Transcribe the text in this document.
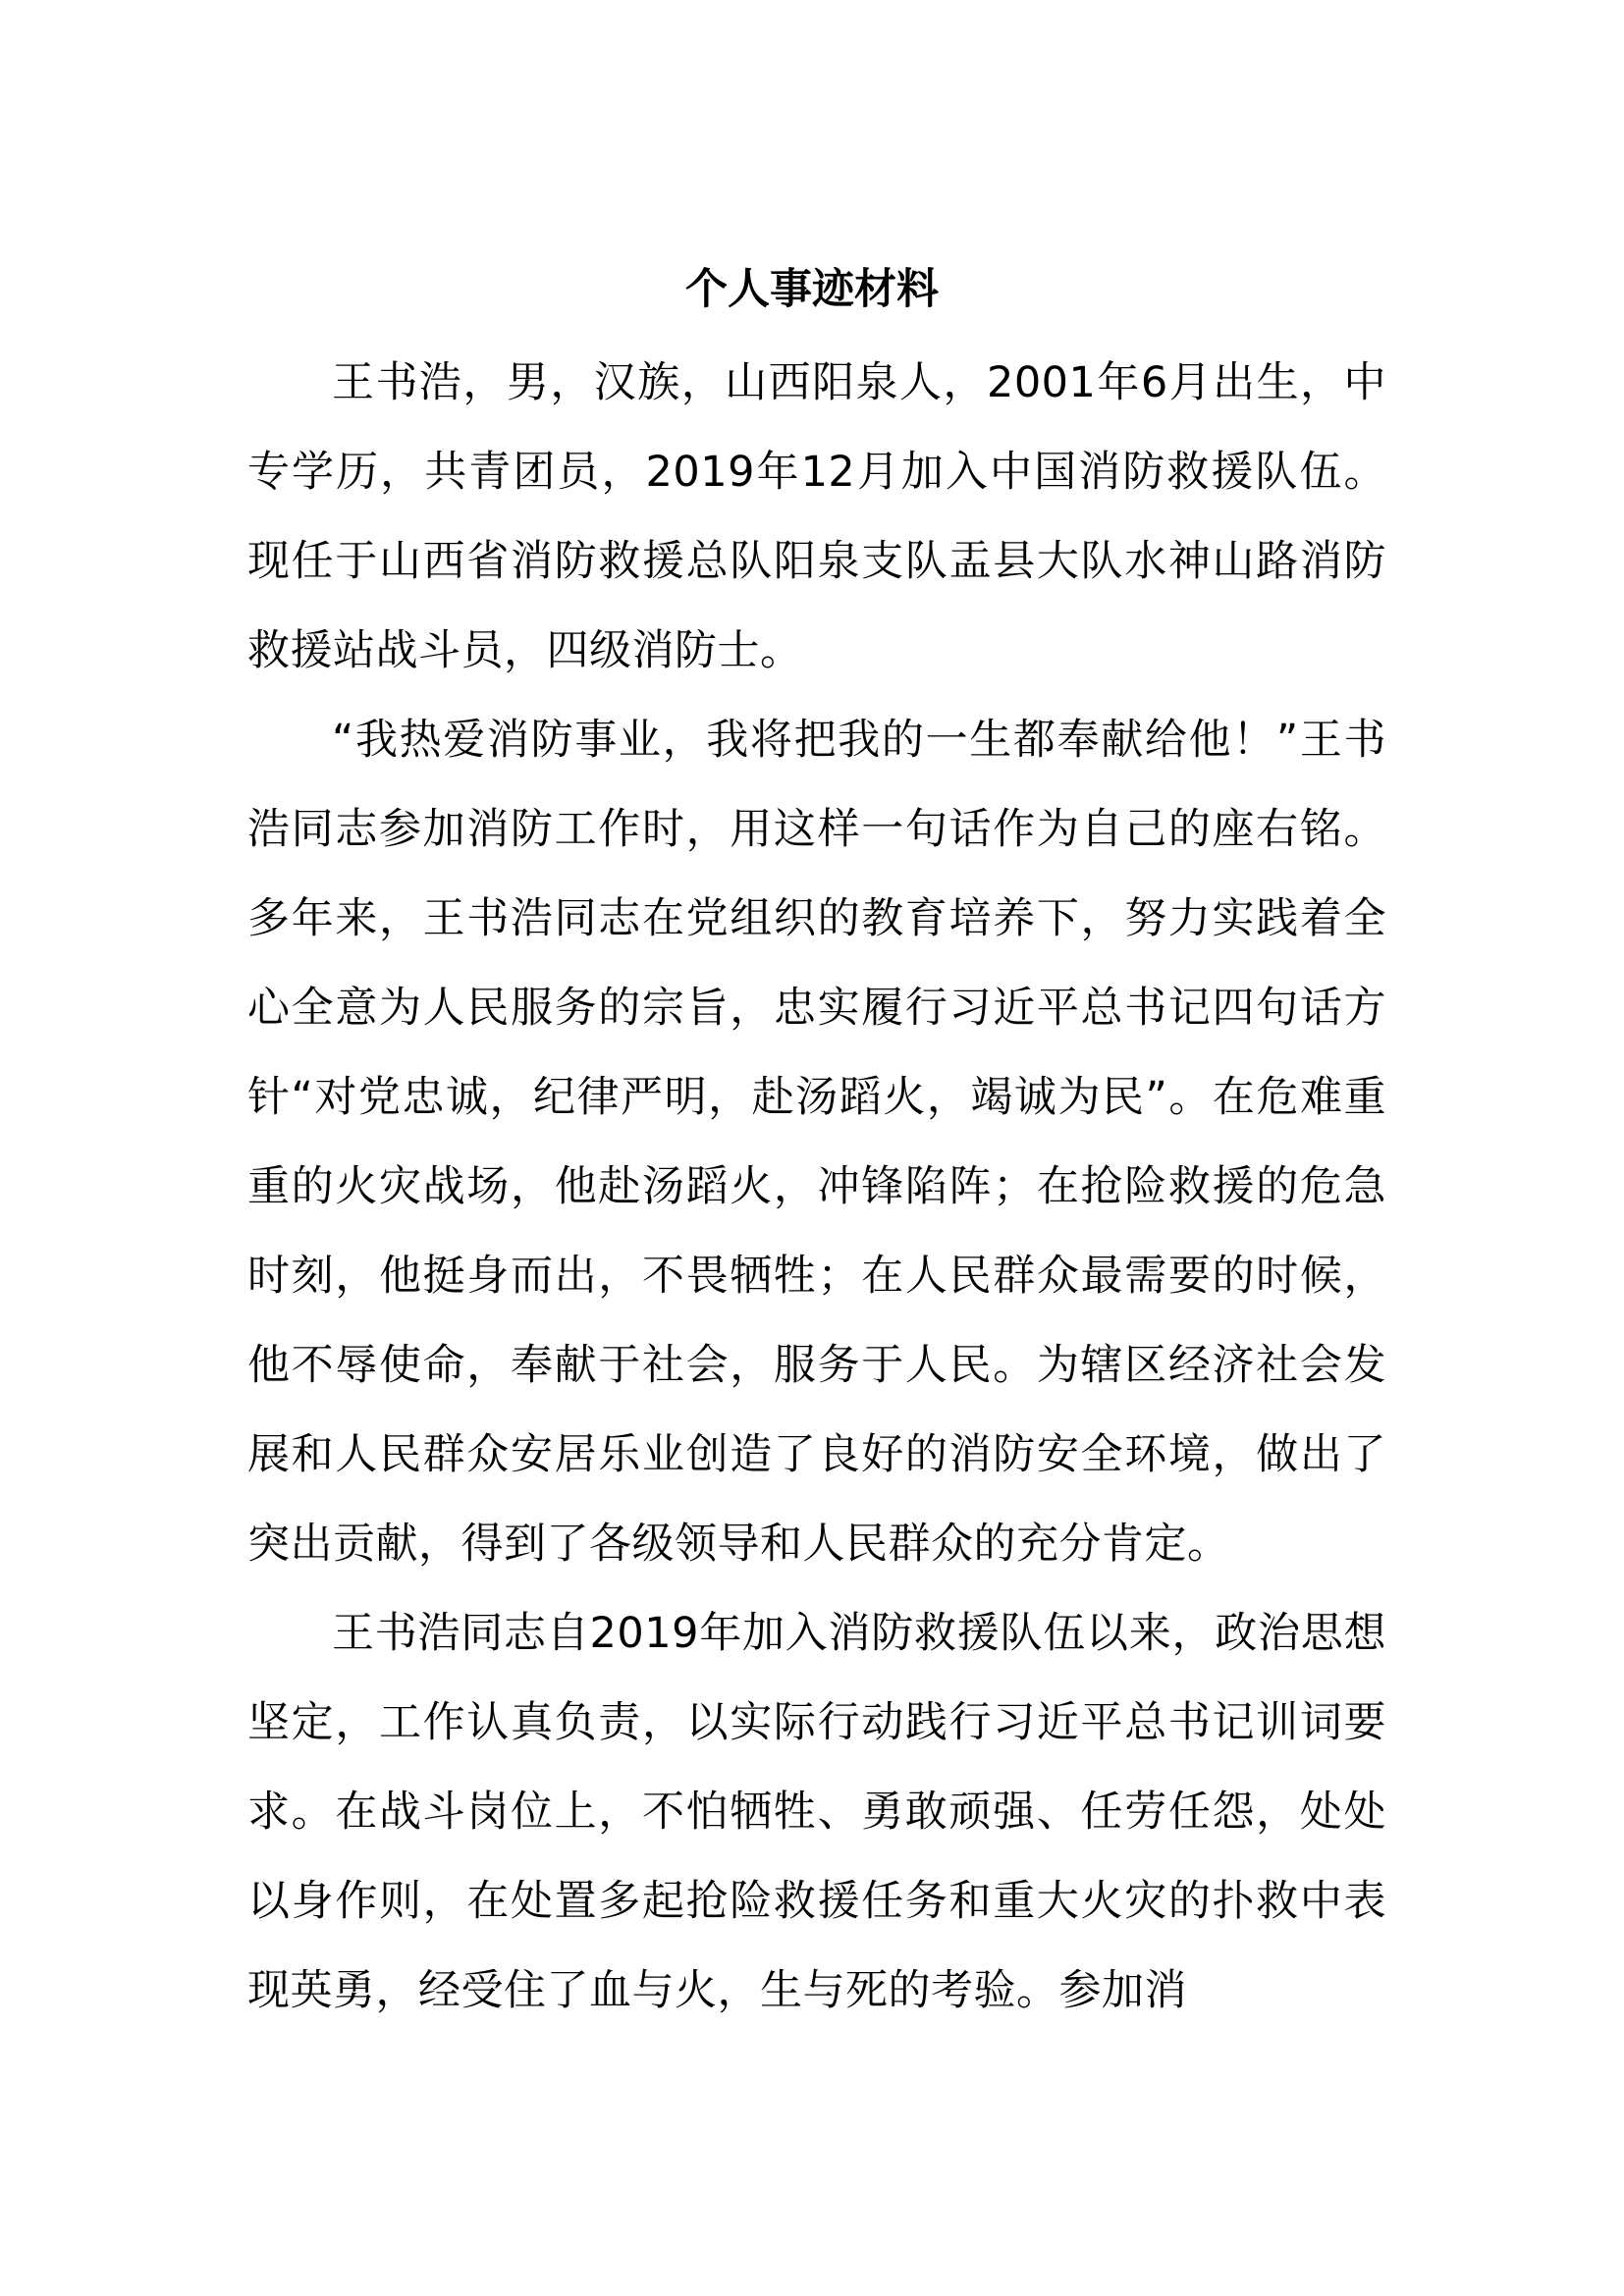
个人事迹材料

王书浩，男，汉族，山西阳泉人，2001年6月出生，中专学历，共青团员，2019年12月加入中国消防救援队伍。现任于山西省消防救援总队阳泉支队盂县大队水神山路消防救援站战斗员，四级消防士。

“我热爱消防事业，我将把我的一生都奉献给他！”王书浩同志参加消防工作时，用这样一句话作为自己的座右铭。多年来，王书浩同志在党组织的教育培养下，努力实践着全心全意为人民服务的宗旨，忠实履行习近平总书记四句话方针“对党忠诚，纪律严明，赴汤蹈火，竭诚为民”。在危难重重的火灾战场，他赴汤蹈火，冲锋陷阵；在抢险救援的危急时刻，他挺身而出，不畏牺牲；在人民群众最需要的时候，他不辱使命，奉献于社会，服务于人民。为辖区经济社会发展和人民群众安居乐业创造了良好的消防安全环境，做出了突出贡献，得到了各级领导和人民群众的充分肯定。

王书浩同志自2019年加入消防救援队伍以来，政治思想坚定，工作认真负责，以实际行动践行习近平总书记训词要求。在战斗岗位上，不怕牺牲、勇敢顽强、任劳任怨，处处以身作则，在处置多起抢险救援任务和重大火灾的扑救中表现英勇，经受住了血与火，生与死的考验。参加消
